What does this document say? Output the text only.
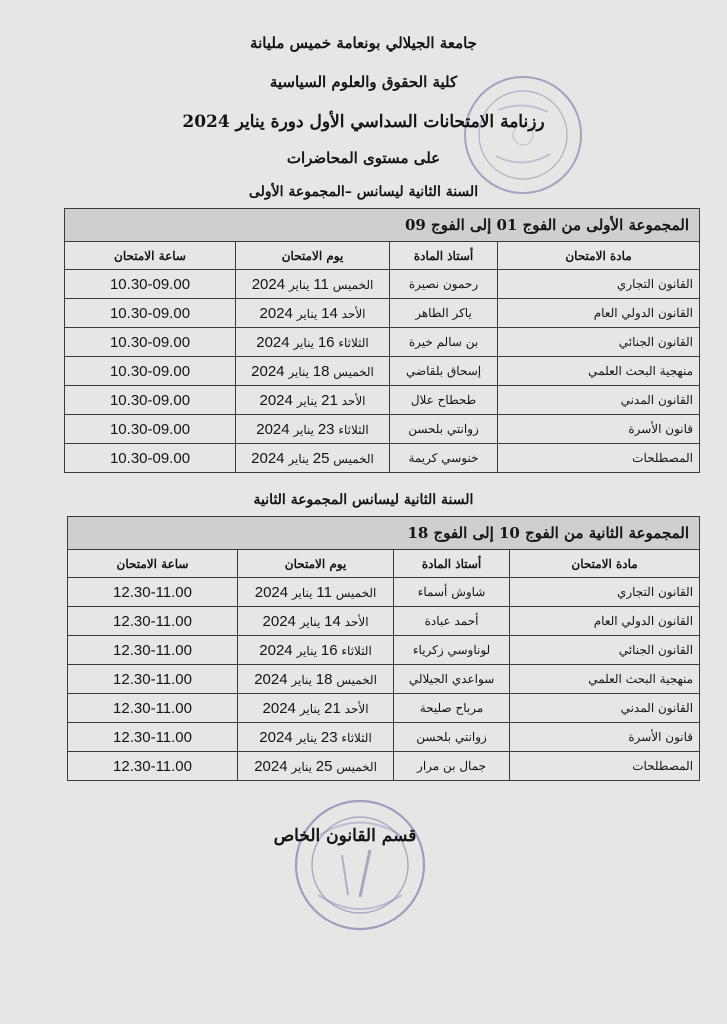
جامعة الجيلالي بونعامة خميس مليانة
كلية الحقوق والعلوم السياسية
رزنامة الامتحانات السداسي الأول دورة يناير 2024
على مستوى المحاضرات
السنة الثانية ليسانس –المجموعة الأولى
المجموعة الأولى من الفوج 01 إلى الفوج 09			
مادة الامتحان	أستاذ المادة	يوم الامتحان	ساعة الامتحان
القانون التجاري	رحمون نصيرة	الخميس 11 يناير 2024	10.30-09.00
القانون الدولي العام	ياكر الطاهر	الأحد 14 يناير 2024	10.30-09.00
القانون الجنائي	بن سالم خيرة	الثلاثاء 16 يناير 2024	10.30-09.00
منهجية البحث العلمي	إسحاق بلقاضي	الخميس 18 يناير 2024	10.30-09.00
القانون المدني	طحطاح علال	الأحد 21 يناير 2024	10.30-09.00
قانون الأسرة	زوانتي بلحسن	الثلاثاء 23 يناير 2024	10.30-09.00
المصطلحات	خنوسي كريمة	الخميس 25 يناير 2024	10.30-09.00
السنة الثانية ليسانس المجموعة الثانية
المجموعة الثانية من الفوج 10 إلى الفوج 18			
مادة الامتحان	أستاذ المادة	يوم الامتحان	ساعة الامتحان
القانون التجاري	شاوش أسماء	الخميس 11 يناير 2024	12.30-11.00
القانون الدولي العام	أحمد عبادة	الأحد 14 يناير 2024	12.30-11.00
القانون الجنائي	لوناوسي زكرياء	الثلاثاء 16 يناير 2024	12.30-11.00
منهجية البحث العلمي	سواعدي الجيلالي	الخميس 18 يناير 2024	12.30-11.00
القانون المدني	مرباح صليحة	الأحد 21 يناير 2024	12.30-11.00
قانون الأسرة	زوانتي بلحسن	الثلاثاء 23 يناير 2024	12.30-11.00
المصطلحات	جمال بن مرار	الخميس 25 يناير 2024	12.30-11.00
قسم القانون الخاص
